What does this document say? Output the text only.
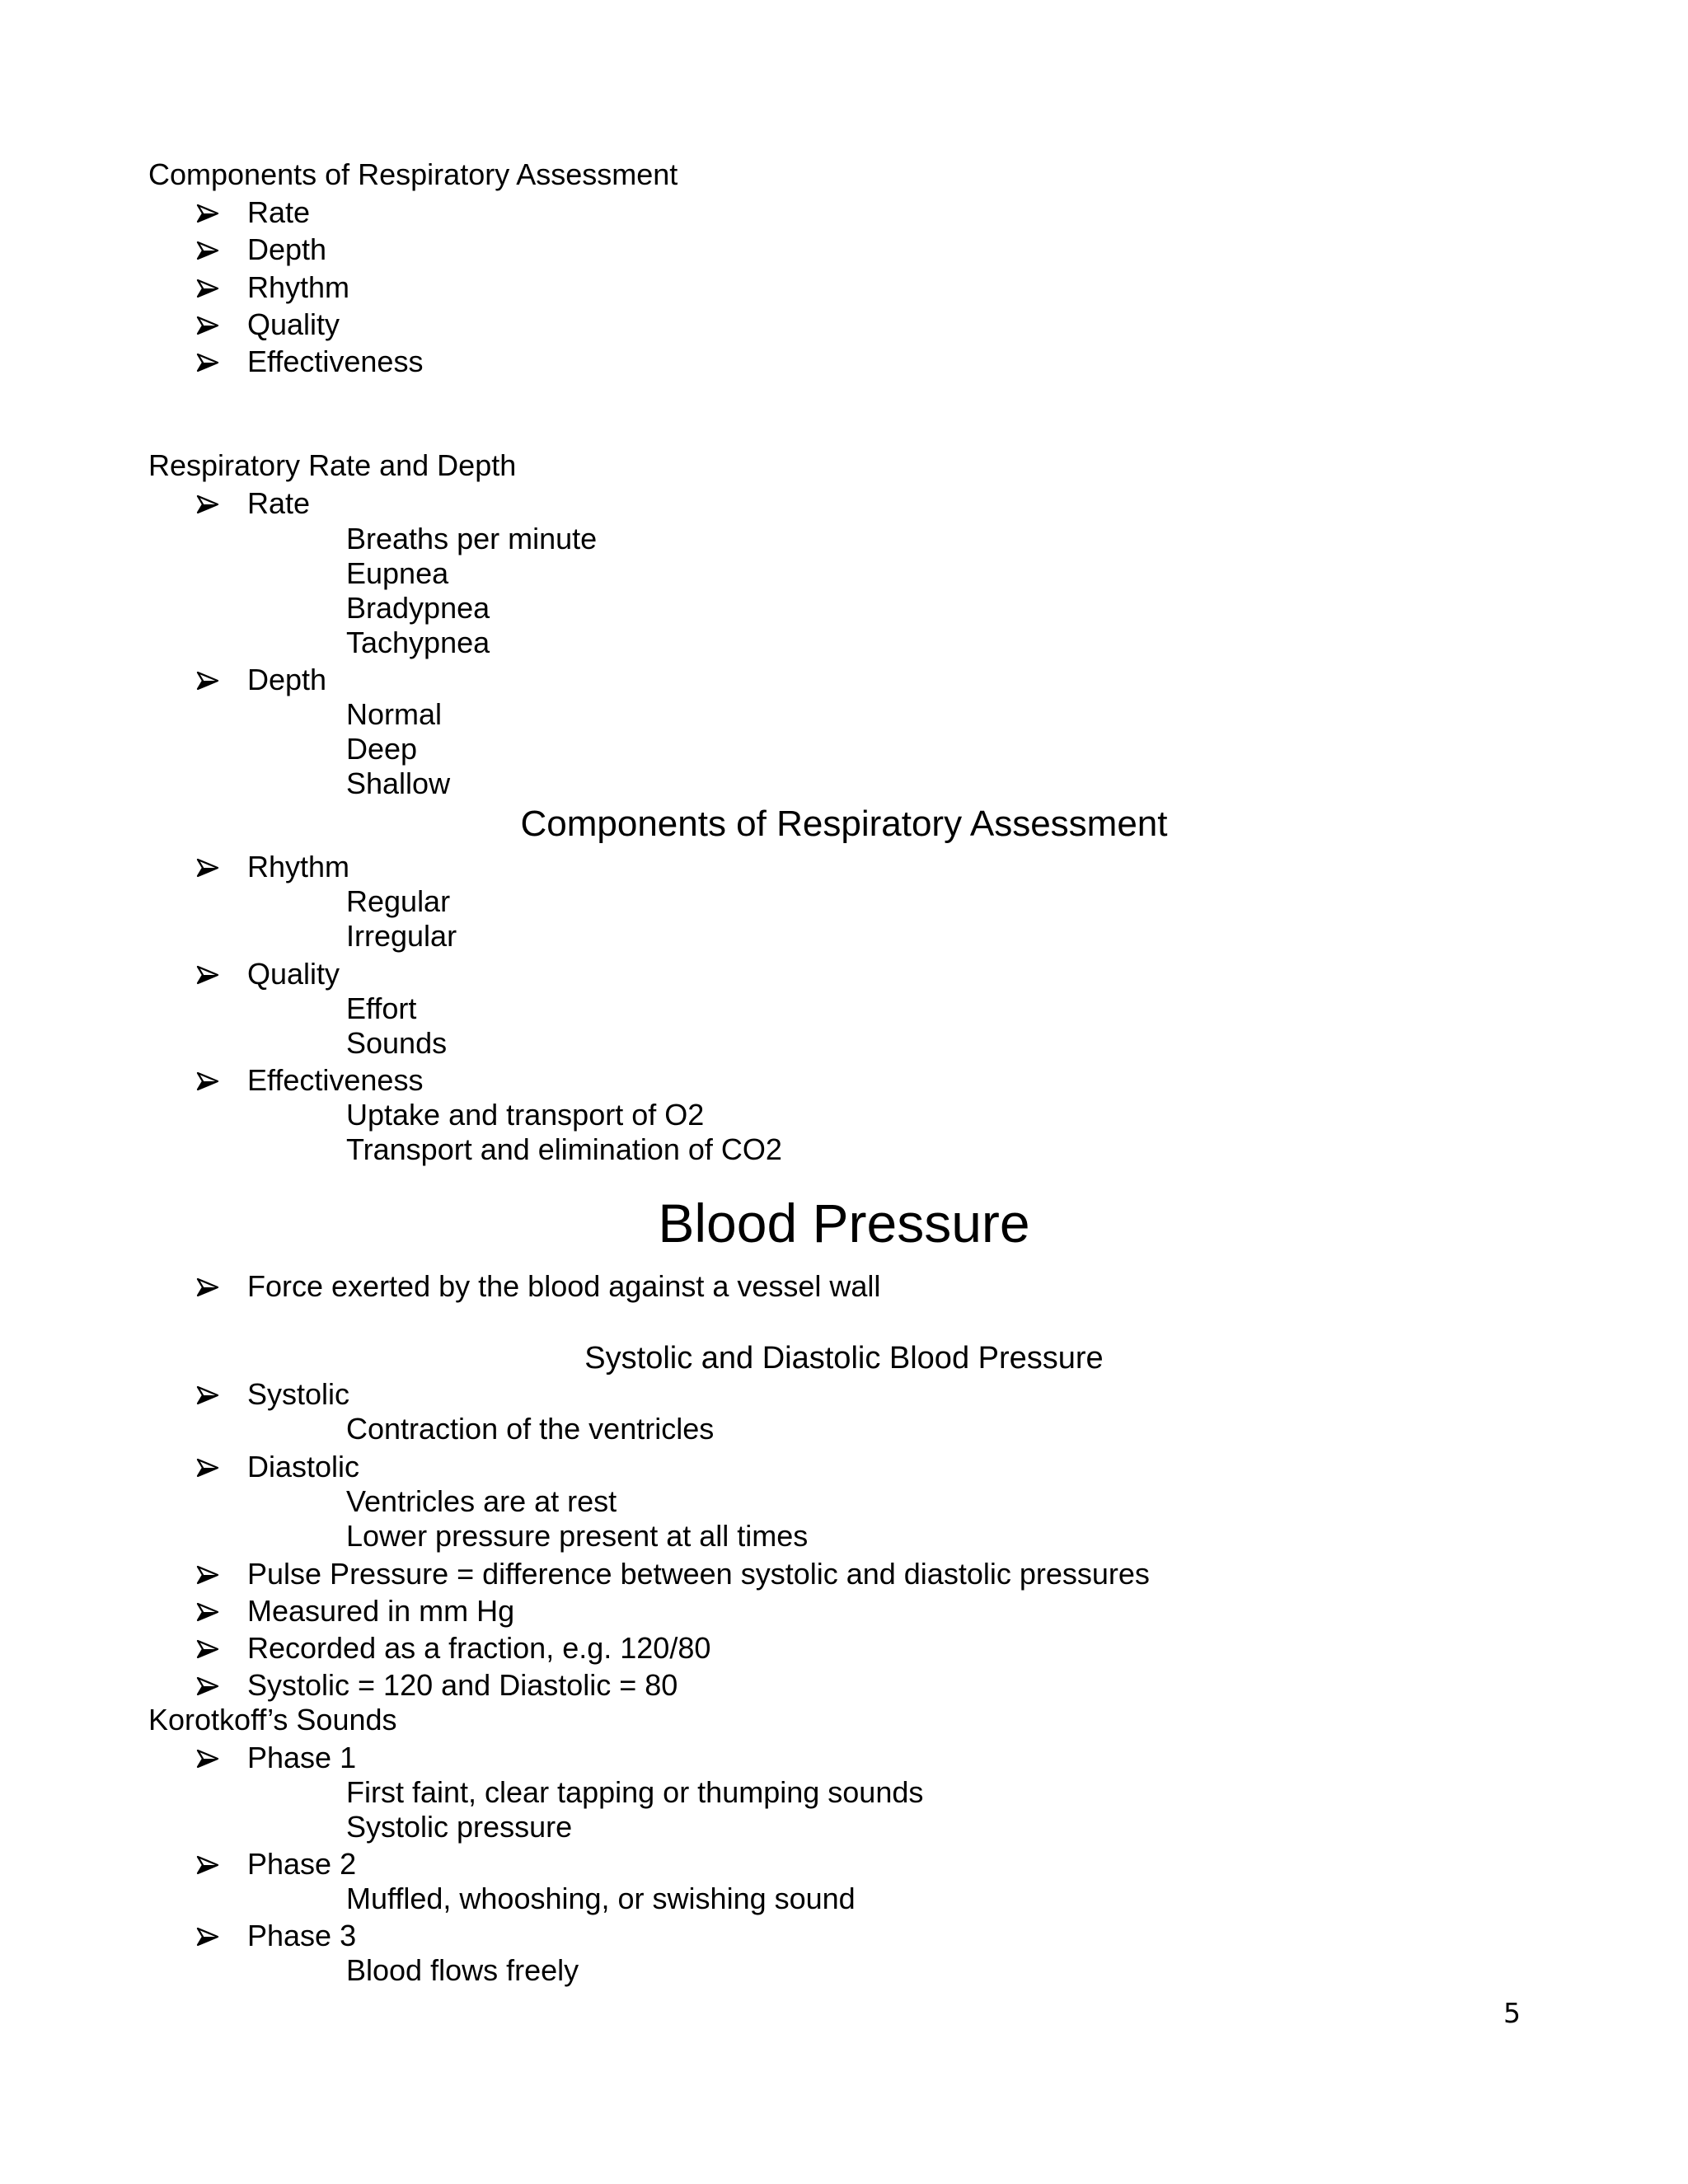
Components of Respiratory Assessment
Rate
Depth
Rhythm
Quality
Effectiveness
Respiratory Rate and Depth
Rate
Breaths per minute
Eupnea
Bradypnea
Tachypnea
Depth
Normal
Deep
Shallow
Components of Respiratory Assessment
Rhythm
Regular
Irregular
Quality
Effort
Sounds
Effectiveness
Uptake and transport of O2
Transport and elimination of CO2
Blood Pressure
Force exerted by the blood against a vessel wall
Systolic and Diastolic Blood Pressure
Systolic
Contraction of the ventricles
Diastolic
Ventricles are at rest
Lower pressure present at all times
Pulse Pressure = difference between systolic and diastolic pressures
Measured in mm Hg
Recorded as a fraction, e.g. 120/80
Systolic = 120 and Diastolic = 80
Korotkoff’s Sounds
Phase 1
First faint, clear tapping or thumping sounds
Systolic pressure
Phase 2
Muffled, whooshing, or swishing sound
Phase 3
Blood flows freely
5
